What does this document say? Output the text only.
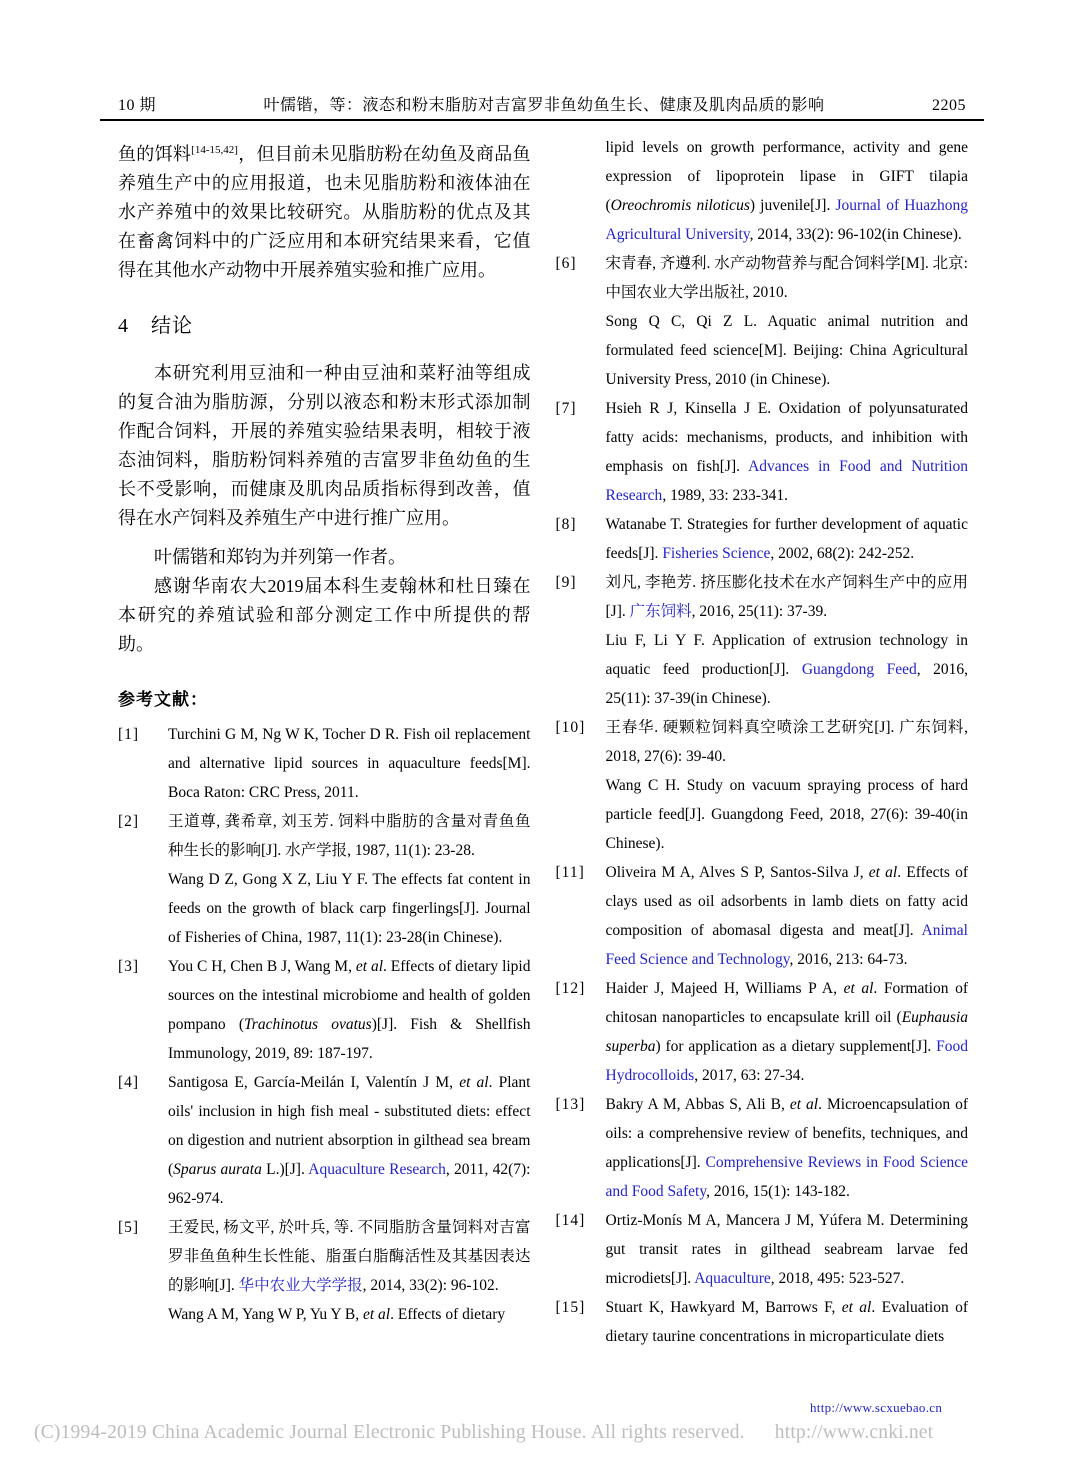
10 期	叶儒锴，等：液态和粉末脂肪对吉富罗非鱼幼鱼生长、健康及肌肉品质的影响	2205

鱼的饵料[14-15,42]，但目前未见脂肪粉在幼鱼及商品鱼养殖生产中的应用报道，也未见脂肪粉和液体油在水产养殖中的效果比较研究。从脂肪粉的优点及其在畜禽饲料中的广泛应用和本研究结果来看，它值得在其他水产动物中开展养殖实验和推广应用。

4 结论

本研究利用豆油和一种由豆油和菜籽油等组成的复合油为脂肪源，分别以液态和粉末形式添加制作配合饲料，开展的养殖实验结果表明，相较于液态油饲料，脂肪粉饲料养殖的吉富罗非鱼幼鱼的生长不受影响，而健康及肌肉品质指标得到改善，值得在水产饲料及养殖生产中进行推广应用。

叶儒锴和郑钧为并列第一作者。

感谢华南农大2019届本科生麦翰林和杜日臻在本研究的养殖试验和部分测定工作中所提供的帮助。

参考文献：
[1]	Turchini G M, Ng W K, Tocher D R. Fish oil replacement and alternative lipid sources in aquaculture feeds[M]. Boca Raton: CRC Press, 2011.

[2]	王道尊, 龚希章, 刘玉芳. 饲料中脂肪的含量对青鱼鱼种生长的影响[J]. 水产学报, 1987, 11(1): 23-28.

Wang D Z, Gong X Z, Liu Y F. The effects fat content in feeds on the growth of black carp fingerlings[J]. Journal of Fisheries of China, 1987, 11(1): 23-28(in Chinese).

[3]	You C H, Chen B J, Wang M, et al. Effects of dietary lipid sources on the intestinal microbiome and health of golden pompano (Trachinotus ovatus)[J]. Fish & Shellfish Immunology, 2019, 89: 187-197.

[4]	Santigosa E, García-Meilán I, Valentín J M, et al. Plant oils' inclusion in high fish meal - substituted diets: effect on digestion and nutrient absorption in gilthead sea bream (Sparus aurata L.)[J]. Aquaculture Research, 2011, 42(7): 962-974.

[5]	王爱民, 杨文平, 於叶兵, 等. 不同脂肪含量饲料对吉富罗非鱼鱼种生长性能、脂蛋白脂酶活性及其基因表达的影响[J]. 华中农业大学学报, 2014, 33(2): 96-102.

Wang A M, Yang W P, Yu Y B, et al. Effects of dietary

lipid levels on growth performance, activity and gene expression of lipoprotein lipase in GIFT tilapia (Oreochromis niloticus) juvenile[J]. Journal of Huazhong Agricultural University, 2014, 33(2): 96-102(in Chinese).

[6]	宋青春, 齐遵利. 水产动物营养与配合饲料学[M]. 北京: 中国农业大学出版社, 2010.

Song Q C, Qi Z L. Aquatic animal nutrition and formulated feed science[M]. Beijing: China Agricultural University Press, 2010 (in Chinese).

[7]	Hsieh R J, Kinsella J E. Oxidation of polyunsaturated fatty acids: mechanisms, products, and inhibition with emphasis on fish[J]. Advances in Food and Nutrition Research, 1989, 33: 233-341.

[8]	Watanabe T. Strategies for further development of aquatic feeds[J]. Fisheries Science, 2002, 68(2): 242-252.

[9]	刘凡, 李艳芳. 挤压膨化技术在水产饲料生产中的应用[J]. 广东饲料, 2016, 25(11): 37-39.

Liu F, Li Y F. Application of extrusion technology in aquatic feed production[J]. Guangdong Feed, 2016, 25(11): 37-39(in Chinese).

[10]	王春华. 硬颗粒饲料真空喷涂工艺研究[J]. 广东饲料, 2018, 27(6): 39-40.

Wang C H. Study on vacuum spraying process of hard particle feed[J]. Guangdong Feed, 2018, 27(6): 39-40(in Chinese).

[11]	Oliveira M A, Alves S P, Santos-Silva J, et al. Effects of clays used as oil adsorbents in lamb diets on fatty acid composition of abomasal digesta and meat[J]. Animal Feed Science and Technology, 2016, 213: 64-73.

[12]	Haider J, Majeed H, Williams P A, et al. Formation of chitosan nanoparticles to encapsulate krill oil (Euphausia superba) for application as a dietary supplement[J]. Food Hydrocolloids, 2017, 63: 27-34.

[13]	Bakry A M, Abbas S, Ali B, et al. Microencapsulation of oils: a comprehensive review of benefits, techniques, and applications[J]. Comprehensive Reviews in Food Science and Food Safety, 2016, 15(1): 143-182.

[14]	Ortiz-Monís M A, Mancera J M, Yúfera M. Determining gut transit rates in gilthead seabream larvae fed microdiets[J]. Aquaculture, 2018, 495: 523-527.

[15]	Stuart K, Hawkyard M, Barrows F, et al. Evaluation of dietary taurine concentrations in microparticulate diets

http://www.scxuebao.cn
(C)1994-2019 China Academic Journal Electronic Publishing House. All rights reserved. http://www.cnki.net
